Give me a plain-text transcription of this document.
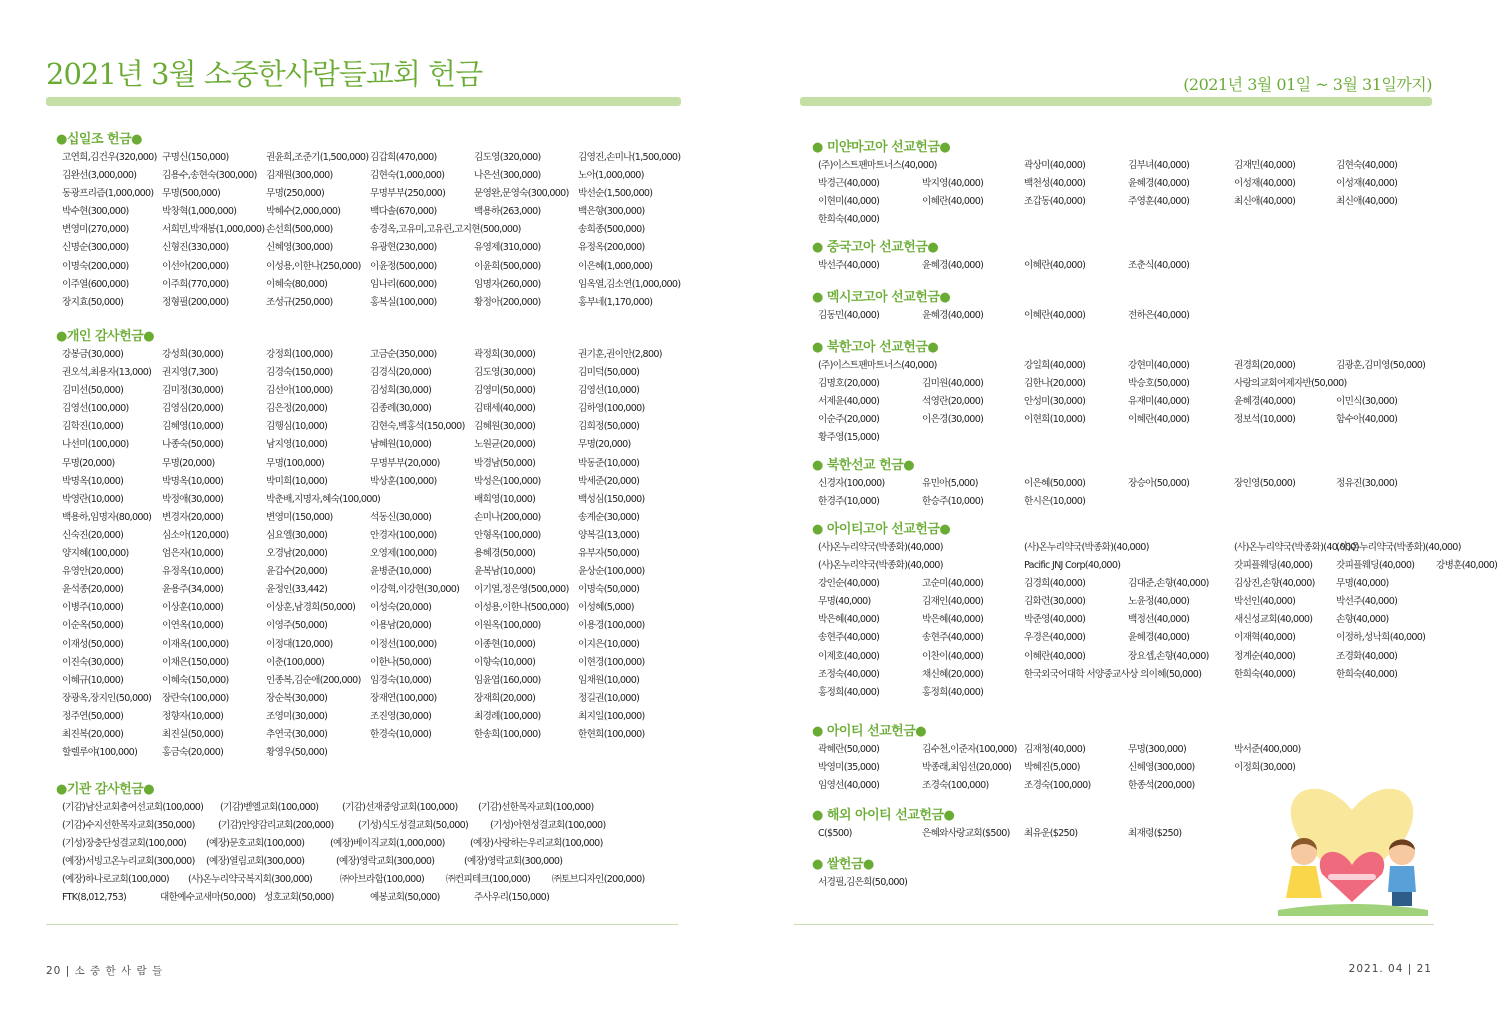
2021년 3월 소중한사람들교회 헌금
20 | 소 중 한 사 람 들
●십일조 헌금●
고연희,김건우(320,000) 구명신(150,000)	권윤희,조준기(1,500,000) 김갑희(470,000)	김도영(320,000)	김영진,손미나(1,500,000)
김완선(3,000,000)	김용수,송현숙(300,000) 김재원(300,000)	김현숙(1,000,000)	나은선(300,000)	노아(1,000,000)
동광프리즘(1,000,000) 무명(500,000)	무명(250,000)	무명부부(250,000)	문영완,문영숙(300,000) 박선순(1,500,000)
박수현(300,000)	박창혁(1,000,000)	박혜수(2,000,000)	백다솔(670,000)	백용하(263,000)	백은향(300,000)
변영미(270,000)	서희민,박재봉(1,000,000) 손선희(500,000)	송경옥,고유미,고유린,고지현(500,000)	송희종(500,000)
신명순(300,000)	신형진(330,000)	신혜영(300,000)	유광현(230,000)	유영제(310,000)	유정옥(200,000)
이명숙(200,000)	이선아(200,000)	이성용,이한나(250,000) 이윤정(500,000)	이윤희(500,000)	이은혜(1,000,000)
이주열(600,000)	이주희(770,000)	이혜숙(80,000)	임나리(600,000)	임명자(260,000)	임옥열,김소연(1,000,000)
장지효(50,000)	정형필(200,000)	조성규(250,000)	홍복실(100,000)	황정아(200,000)	홍부네(1,170,000)
●개인 감사헌금●
강봉금(30,000)	강성희(30,000)	강정희(100,000)	고금순(350,000)	곽정희(30,000)	권기훈,권이안(2,800)
권오석,최용자(13,000) 권지영(7,300)	김경숙(150,000)	김경식(20,000)	김도영(30,000)	김미덕(50,000)
김미선(50,000)	김미정(30,000)	김선아(100,000)	김성희(30,000)	김영미(50,000)	김영선(10,000)
김영선(100,000)	김영심(20,000)	김은정(20,000)	김종례(30,000)	김태세(40,000)	김하영(100,000)
김학진(10,000)	김혜영(10,000)	김행심(10,000)	김현숙,백홍석(150,000) 김혜원(30,000)	김희정(50,000)
나선미(100,000)	나종숙(50,000)	남지영(10,000)	남혜원(10,000)	노원균(20,000)	무명(20,000)
무명(20,000)	무명(20,000)	무명(100,000)	무명부부(20,000)	박경남(50,000)	박동준(10,000)
박명옥(10,000)	박명옥(10,000)	박미희(10,000)	박상훈(100,000)	박성은(100,000)	박세준(20,000)
박영란(10,000)	박정애(30,000)	박춘배,지명자,혜숙(100,000)	배희영(10,000)	백성심(150,000)
백용하,임명자(80,000) 변경자(20,000)	변영미(150,000)	석동신(30,000)	손미나(200,000)	송계순(30,000)
신숙진(20,000)	심소아(120,000)	심요엘(30,000)	안경자(100,000)	안형옥(100,000)	양복길(13,000)
양지혜(100,000)	엄은자(10,000)	오경남(20,000)	오영제(100,000)	용혜경(50,000)	유부자(50,000)
유영안(20,000)	유정옥(10,000)	윤갑수(20,000)	윤병준(10,000)	윤복남(10,000)	윤상순(100,000)
윤석종(20,000)	윤용주(34,000)	윤정인(33,442)	이강혁,이강현(30,000) 이기열,정은영(500,000) 이명숙(50,000)
이병주(10,000)	이상훈(10,000)	이상훈,남경희(50,000) 이성숙(20,000)	이성용,이한나(500,000) 이성혜(5,000)
이순옥(50,000)	이연옥(10,000)	이영주(50,000)	이용남(20,000)	이원옥(100,000)	이용경(100,000)
이재성(50,000)	이재옥(100,000)	이정대(120,000)	이정선(100,000)	이종현(10,000)	이지은(10,000)
이진숙(30,000)	이채은(150,000)	이춘(100,000)	이한나(50,000)	이향숙(10,000)	이현경(100,000)
이혜규(10,000)	이혜숙(150,000)	인종복,김순애(200,000) 임경숙(10,000)	임윤엽(160,000)	임채원(10,000)
장광옥,장지인(50,000) 장란숙(100,000)	장순복(30,000)	장재연(100,000)	장재희(20,000)	정길권(10,000)
정주연(50,000)	정향자(10,000)	조영미(30,000)	조진영(30,000)	최경례(100,000)	최지일(100,000)
최진복(20,000)	최진실(50,000)	추연국(30,000)	한경숙(10,000)	한송희(100,000)	한현희(100,000)
할렐루야(100,000)	홍금숙(20,000)	황영우(50,000)
●기관 감사헌금●
(기감)남산교회총여선교회(100,000) (기감)벧엘교회(100,000) (기감)선재중앙교회(100,000) (기감)선한목자교회(100,000)
(기감)수지선한목자교회(350,000) (기감)안양감리교회(200,000)	(기성)식도성결교회(50,000) (기성)아현성결교회(100,000)
(기성)장충단성결교회(100,000) (예장)문호교회(100,000)	(예장)베이직교회(1,000,000)	(예장)사랑하는우리교회(100,000)
(예장)서빙고온누리교회(300,000) (예장)열림교회(300,000)	(예장)영락교회(300,000)	(예장)영락교회(300,000)
(예장)하나로교회(100,000) (사)온누리약국복지회(300,000)	㈜아브라함(100,000) ㈜컨피테크(100,000) ㈜토브디자인(200,000)
FTK(8,012,753)	대한예수교새마(50,000) 성호교회(50,000)	예봉교회(50,000)	주사우리(150,000)
(2021년 3월 01일 ~ 3월 31일까지)
2021. 04 | 21
● 미얀마고아 선교헌금●
(주)이스트팬마트너스(40,000)	곽상미(40,000)	김부녀(40,000)	김재민(40,000)	김현숙(40,000)
박경근(40,000)	박지영(40,000)	백천성(40,000)	윤혜경(40,000)	이성재(40,000)	이성재(40,000)
이현미(40,000)	이혜란(40,000)	조갑동(40,000)	주영훈(40,000)	최신애(40,000)	최신애(40,000)
한희숙(40,000)
● 중국고아 선교헌금●
박선주(40,000)	윤혜경(40,000)	이혜란(40,000)	조춘식(40,000)
● 멕시코고아 선교헌금●
김동민(40,000)	윤혜경(40,000)	이혜란(40,000)	전하은(40,000)
● 북한고아 선교헌금●
(주)이스트팬마트너스(40,000)	강일희(40,000)	강현미(40,000)	권경희(20,000)	김광훈,김미영(50,000)
김명호(20,000)	김미원(40,000)	김한나(20,000)	박승호(50,000)	사랑의교회여제자반(50,000)
서제윤(40,000)	석영란(20,000)	안성미(30,000)	유재미(40,000)	윤혜경(40,000)	이민식(30,000)
이순주(20,000)	이은경(30,000)	이현희(10,000)	이혜란(40,000)	정보석(10,000)	함수아(40,000)
황주영(15,000)
● 북한선교 헌금●
신경자(100,000)	유민아(5,000)	이은혜(50,000)	장승아(50,000)	장인영(50,000)	정유진(30,000)
한경주(10,000)	한승주(10,000)	한시은(10,000)
● 아이티고아 선교헌금●
(사)온누리약국(박종화)(40,000)	(사)온누리약국(박종화)(40,000)	(사)온누리약국(박종화)(40,000)
(사)온누리약국(박종화)(40,000)
(사)온누리약국(박종화)(40,000)	Pacific JNJ Corp(40,000)	갓피플웨딩(40,000) 갓피플웨딩(40,000) 강병훈(40,000)
강인순(40,000)	고순미(40,000)	김경희(40,000)	김대준,손향(40,000)	김상진,손향(40,000) 무명(40,000)
무명(40,000)	김재인(40,000)	김화련(30,000)	노윤정(40,000)	박선인(40,000)	박선주(40,000)
박은혜(40,000)	박은혜(40,000)	박준영(40,000)	백정선(40,000)	새신성교회(40,000) 손향(40,000)
송현주(40,000)	송현주(40,000)	우경은(40,000)	윤혜경(40,000)	이재혁(40,000)	이정하,성낙희(40,000)
이제호(40,000)	이찬이(40,000)	이혜란(40,000)	장요셉,손향(40,000)	정계순(40,000)	조경화(40,000)
조정숙(40,000)	채신혜(20,000)	한국외국어대학 서양중교사상 의이혜(50,000)	한희숙(40,000)	한희숙(40,000)
홍정희(40,000)	홍정희(40,000)
● 아이티 선교헌금●
곽혜란(50,000)	김수천,이준자(100,000) 김재청(40,000)	무명(300,000)	박서준(400,000)
박영미(35,000)	박종래,최임선(20,000) 박혜진(5,000)	신혜영(300,000)	이정희(30,000)
임영선(40,000)	조경숙(100,000)	조경숙(100,000)	한종석(200,000)
● 해외 아이티 선교헌금●
C($500)	은혜와사랑교회($500) 최유운($250)	최재령($250)
● 쌀헌금●
서경필,김은희(50,000)
